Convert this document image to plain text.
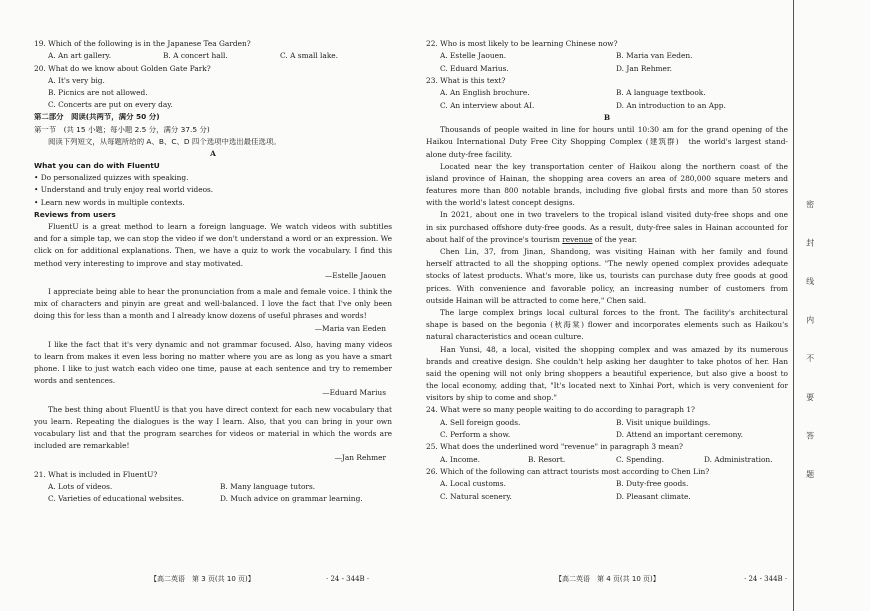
19. Which of the following is in the Japanese Tea Garden?
A. An art gallery.	B. A concert hall.	C. A small lake.
20. What do we know about Golden Gate Park?
A. It's very big.
B. Picnics are not allowed.
C. Concerts are put on every day.
第二部分　阅读(共两节，满分 50 分)
第一节　(共 15 小题；每小题 2.5 分，满分 37.5 分)
阅读下列短文，从每题所给的 A、B、C、D 四个选项中选出最佳选项。
A
What you can do with FluentU
• Do personalized quizzes with speaking.
• Understand and truly enjoy real world videos.
• Learn new words in multiple contexts.
Reviews from users
FluentU is a great method to learn a foreign language. We watch videos with subtitles
and for a simple tap, we can stop the video if we don't understand a word or an expression. We
click on for additional explanations. Then, we have a quiz to work the vocabulary. I find this
method very interesting to improve and stay motivated.
—Estelle Jaouen
I appreciate being able to hear the pronunciation from a male and female voice. I think the
mix of characters and pinyin are great and well-balanced. I love the fact that I've only been
doing this for less than a month and I already know dozens of useful phrases and words!
—Maria van Eeden
I like the fact that it's very dynamic and not grammar focused. Also, having many videos
to learn from makes it even less boring no matter where you are as long as you have a smart
phone. I like to just watch each video one time, pause at each sentence and try to remember
words and sentences.
—Eduard Marius
The best thing about FluentU is that you have direct context for each new vocabulary that
you learn. Repeating the dialogues is the way I learn. Also, that you can bring in your own
vocabulary list and that the program searches for videos or material in which the words are
included are remarkable!
—Jan Rehmer
21. What is included in FluentU?
A. Lots of videos.	B. Many language tutors.
C. Varieties of educational websites.	D. Much advice on grammar learning.
【高二英语　第 3 页(共 10 页)】	· 24 - 344B ·
22. Who is most likely to be learning Chinese now?
A. Estelle Jaouen.	B. Maria van Eeden.
C. Eduard Marius.	D. Jan Rehmer.
23. What is this text?
A. An English brochure.	B. A language textbook.
C. An interview about AI.	D. An introduction to an App.
B
Thousands of people waited in line for hours until 10:30 am for the grand opening of the
Haikou International Duty Free City Shopping Complex (建筑群)　the world's largest stand-
alone duty-free facility.
Located near the key transportation center of Haikou along the northern coast of the
island province of Hainan, the shopping area covers an area of 280,000 square meters and
features more than 800 notable brands, including five global firsts and more than 50 stores
with the world's latest concept designs.
In 2021, about one in two travelers to the tropical island visited duty-free shops and one
in six purchased offshore duty-free goods. As a result, duty-free sales in Hainan accounted for
about half of the province's tourism revenue of the year.
Chen Lin, 37, from Jinan, Shandong, was visiting Hainan with her family and found
herself attracted to all the shopping options. "The newly opened complex provides adequate
stocks of latest products. What's more, like us, tourists can purchase duty free goods at good
prices. With convenience and favorable policy, an increasing number of customers from
outside Hainan will be attracted to come here," Chen said.
The large complex brings local cultural forces to the front. The facility's architectural
shape is based on the begonia (秋海棠) flower and incorporates elements such as Haikou's
natural characteristics and ocean culture.
Han Yunsi, 48, a local, visited the shopping complex and was amazed by its numerous
brands and creative design. She couldn't help asking her daughter to take photos of her. Han
said the opening will not only bring shoppers a beautiful experience, but also give a boost to
the local economy, adding that, "It's located next to Xinhai Port, which is very convenient for
visitors by ship to come and shop."
24. What were so many people waiting to do according to paragraph 1?
A. Sell foreign goods.	B. Visit unique buildings.
C. Perform a show.	D. Attend an important ceremony.
25. What does the underlined word "revenue" in paragraph 3 mean?
A. Income.	B. Resort.	C. Spending.	D. Administration.
26. Which of the following can attract tourists most according to Chen Lin?
A. Local customs.	B. Duty-free goods.
C. Natural scenery.	D. Pleasant climate.
【高二英语　第 4 页(共 10 页)】	· 24 - 344B ·
密 封 线 内 不 要 答 题
